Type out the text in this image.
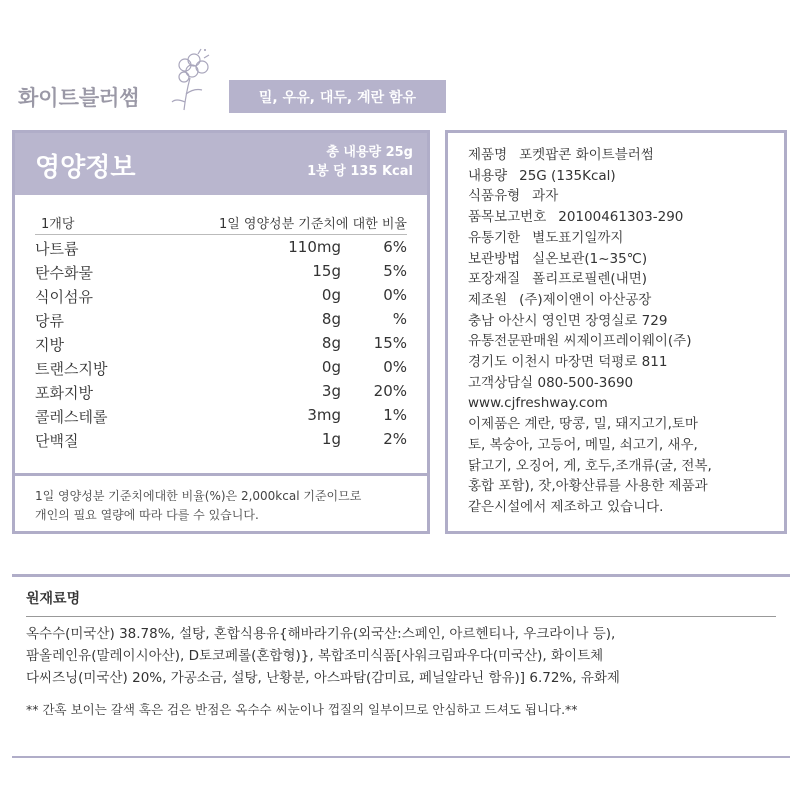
화이트블러썸	밀, 우유, 대두, 계란 함유
영양정보
총 내용량 25g
1봉 당 135 Kcal
1개당	1일 영양성분 기준치에 대한 비율
나트륨	110mg	6%
탄수화물	15g	5%
식이섬유	0g	0%
당류	8g	%
지방	8g 15%
트랜스지방	0g	0%
포화지방	3g 20%
콜레스테롤	3mg	1%
단백질	1g	2%
1일 영양성분 기준치에대한 비율(%)은 2,000kcal 기준이므로
개인의 필요 열량에 따라 다를 수 있습니다.
제품명 포켓팝콘 화이트블러썸
내용량 25G (135Kcal)
식품유형 과자
품목보고번호 20100461303-290
유통기한 별도표기일까지
보관방법 실온보관(1~35℃)
포장재질 폴리프로필렌(내면)
제조원 (주)제이앤이 아산공장
충남 아산시 영인면 장영실로 729
유통전문판매원 씨제이프레이웨이(주)
경기도 이천시 마장면 덕평로 811
고객상담실 080-500-3690
www.cjfreshway.com
이제품은 계란, 땅콩, 밀, 돼지고기,토마
토, 복숭아, 고등어, 메밀, 쇠고기, 새우,
닭고기, 오징어, 게, 호두,조개류(굴, 전복,
홍합 포함), 잣,아황산류를 사용한 제품과
같은시설에서 제조하고 있습니다.
원재료명
옥수수(미국산) 38.78%, 설탕, 혼합식용유{해바라기유(외국산:스페인, 아르헨티나, 우크라이나 등),
팜올레인유(말레이시아산), D토코페롤(혼합형)}, 복합조미식품[사워크림파우다(미국산), 화이트체
다씨즈닝(미국산) 20%, 가공소금, 설탕, 난황분, 아스파탐(감미료, 페닐알라닌 함유)] 6.72%, 유화제
** 간혹 보이는 갈색 혹은 검은 반점은 옥수수 씨눈이나 껍질의 일부이므로 안심하고 드셔도 됩니다.**
